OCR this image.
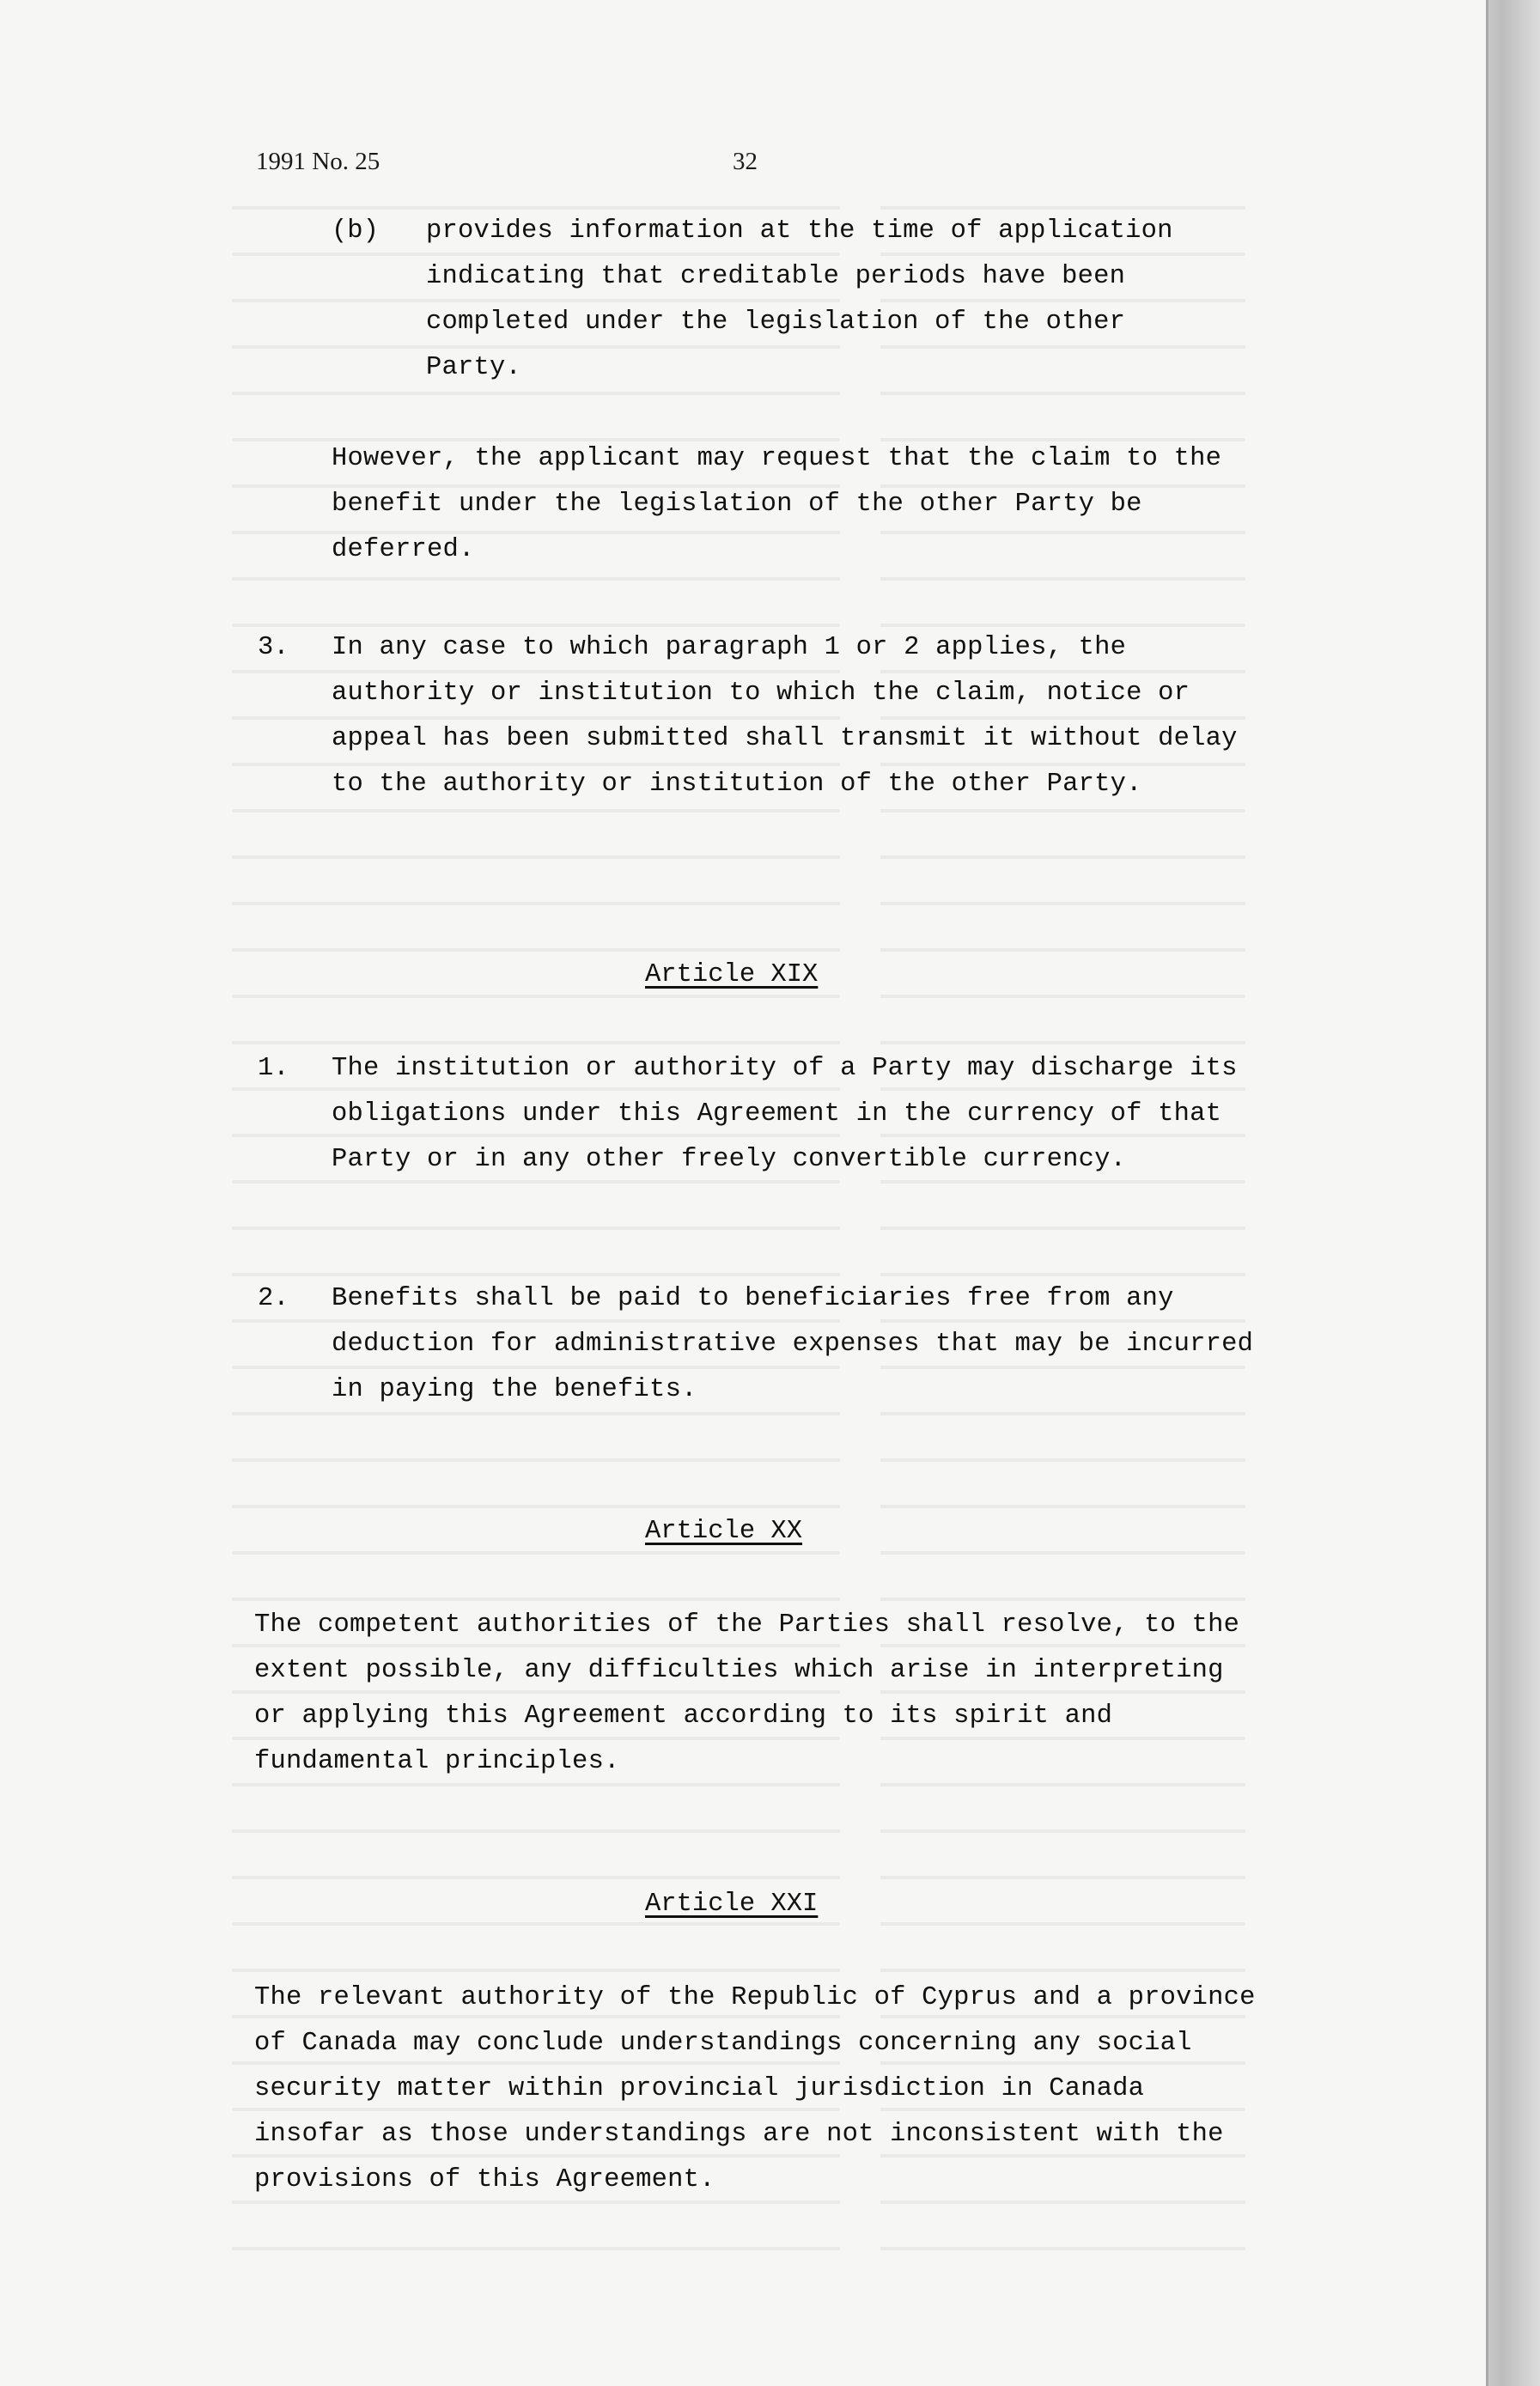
1991 No. 25	32
(b) provides information at the time of application indicating that creditable periods have been completed under the legislation of the other Party.
However, the applicant may request that the claim to the benefit under the legislation of the other Party be deferred.
3. In any case to which paragraph 1 or 2 applies, the authority or institution to which the claim, notice or appeal has been submitted shall transmit it without delay to the authority or institution of the other Party.
Article XIX
1. The institution or authority of a Party may discharge its obligations under this Agreement in the currency of that Party or in any other freely convertible currency.
2. Benefits shall be paid to beneficiaries free from any deduction for administrative expenses that may be incurred in paying the benefits.
Article XX
The competent authorities of the Parties shall resolve, to the extent possible, any difficulties which arise in interpreting or applying this Agreement according to its spirit and fundamental principles.
Article XXI
The relevant authority of the Republic of Cyprus and a province of Canada may conclude understandings concerning any social security matter within provincial jurisdiction in Canada insofar as those understandings are not inconsistent with the provisions of this Agreement.
